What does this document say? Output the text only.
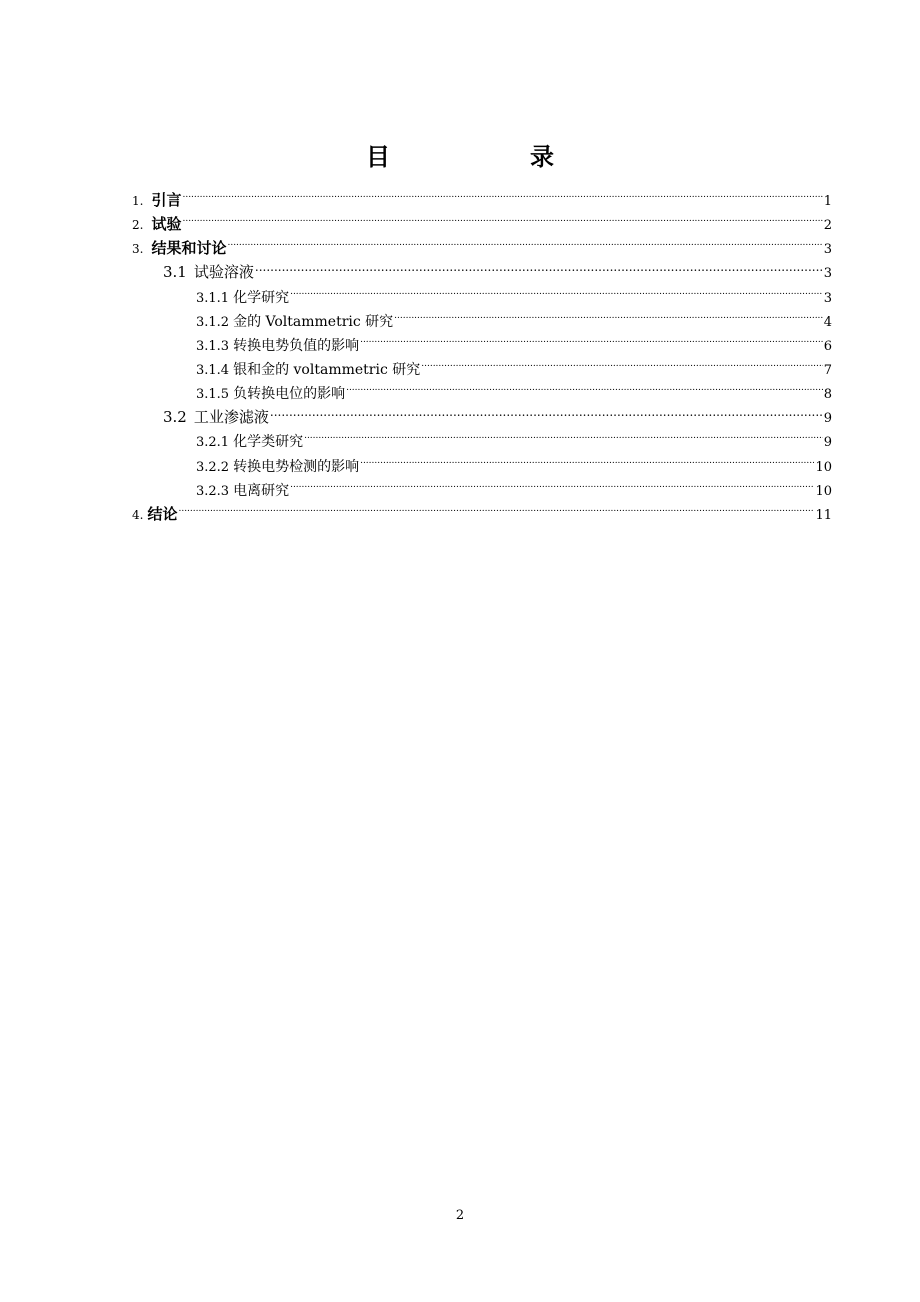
目　录
1. 引言 .....	1
2. 试验 .....	2
3. 结果和讨论 .....	3
3.1 试验溶液 .....	3
3.1.1 化学研究 .....	3
3.1.2 金的 Voltammetric 研究 .....	4
3.1.3 转换电势负值的影响 .....	6
3.1.4 银和金的 voltammetric 研究 .....	7
3.1.5 负转换电位的影响 .....	8
3.2 工业渗滤液 .....	9
3.2.1 化学类研究 .....	9
3.2.2 转换电势检测的影响 .....	10
3.2.3 电离研究 .....	10
4. 结论 .....	11
2
